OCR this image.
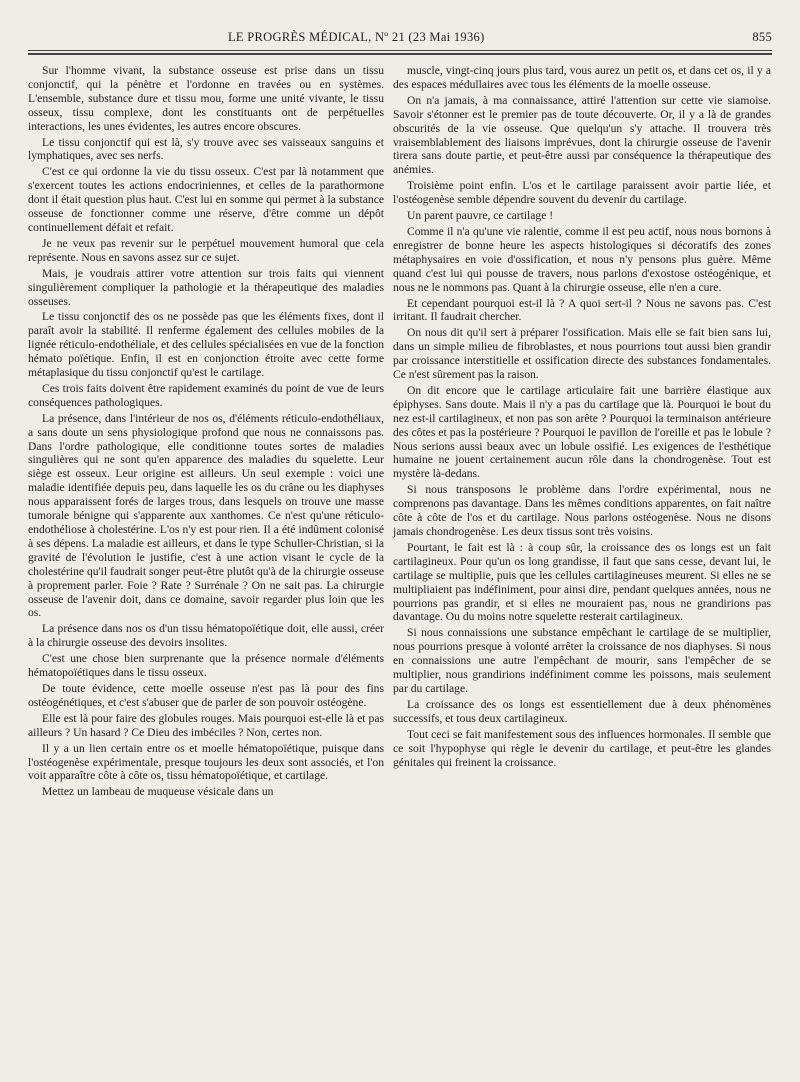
LE PROGRÈS MÉDICAL, Nº 21 (23 Mai 1936)	855

Sur l'homme vivant, la substance osseuse est prise dans un tissu conjonctif, qui la pénètre et l'ordonne en travées ou en systèmes. L'ensemble, substance dure et tissu mou, forme une unité vivante, le tissu osseux, tissu complexe, dont les constituants ont de perpétuelles interactions, les unes évidentes, les autres encore obscures.

Le tissu conjonctif qui est là, s'y trouve avec ses vaisseaux sanguins et lymphatiques, avec ses nerfs.

C'est ce qui ordonne la vie du tissu osseux. C'est par là notamment que s'exercent toutes les actions endocriniennes, et celles de la parathormone dont il était question plus haut. C'est lui en somme qui permet à la substance osseuse de fonctionner comme une réserve, d'être comme un dépôt continuellement défait et refait.

Je ne veux pas revenir sur le perpétuel mouvement humoral que cela représente. Nous en savons assez sur ce sujet.

Mais, je voudrais attirer votre attention sur trois faits qui viennent singulièrement compliquer la pathologie et la thérapeutique des maladies osseuses.

Le tissu conjonctif des os ne possède pas que les éléments fixes, dont il paraît avoir la stabilité. Il renferme également des cellules mobiles de la lignée réticulo-endothéliale, et des cellules spécialisées en vue de la fonction hémato poïétique. Enfin, il est en conjonction étroite avec cette forme métaplasique du tissu conjonctif qu'est le cartilage.

Ces trois faits doivent être rapidement examinés du point de vue de leurs conséquences pathologiques.

La présence, dans l'intérieur de nos os, d'éléments réticulo-endothéliaux, a sans doute un sens physiologique profond que nous ne connaissons pas. Dans l'ordre pathologique, elle conditionne toutes sortes de maladies singulières qui ne sont qu'en apparence des maladies du squelette. Leur siège est osseux. Leur origine est ailleurs. Un seul exemple : voici une maladie identifiée depuis peu, dans laquelle les os du crâne ou les diaphyses nous apparaissent forés de larges trous, dans lesquels on trouve une masse tumorale bénigne qui s'apparente aux xanthomes. Ce n'est qu'une réticulo-endothéliose à cholestérine. L'os n'y est pour rien. Il a été indûment colonisé à ses dépens. La maladie est ailleurs, et dans le type Schuller-Christian, si la gravité de l'évolution le justifie, c'est à une action visant le cycle de la cholestérine qu'il faudrait songer peut-être plutôt qu'à de la chirurgie osseuse à proprement parler. Foie ? Rate ? Surrénale ? On ne sait pas. La chirurgie osseuse de l'avenir doit, dans ce domaine, savoir regarder plus loin que les os.

La présence dans nos os d'un tissu hématopoïétique doit, elle aussi, créer à la chirurgie osseuse des devoirs insolites.

C'est une chose bien surprenante que la présence normale d'éléments hématopoïétiques dans le tissu osseux.

De toute évidence, cette moelle osseuse n'est pas là pour des fins ostéogénétiques, et c'est s'abuser que de parler de son pouvoir ostéogène.

Elle est là pour faire des globules rouges. Mais pourquoi est-elle là et pas ailleurs ? Un hasard ? Ce Dieu des imbéciles ? Non, certes non.

Il y a un lien certain entre os et moelle hématopoïétique, puisque dans l'ostéogenèse expérimentale, presque toujours les deux sont associés, et l'on voit apparaître côte à côte os, tissu hématopoïétique, et cartilage.

Mettez un lambeau de muqueuse vésicale dans un

muscle, vingt-cinq jours plus tard, vous aurez un petit os, et dans cet os, il y a des espaces médullaires avec tous les éléments de la moelle osseuse.

On n'a jamais, à ma connaissance, attiré l'attention sur cette vie siamoise. Savoir s'étonner est le premier pas de toute découverte. Or, il y a là de grandes obscurités de la vie osseuse. Que quelqu'un s'y attache. Il trouvera très vraisemblablement des liaisons imprévues, dont la chirurgie osseuse de l'avenir tirera sans doute partie, et peut-être aussi par conséquence la thérapeutique des anémies.

Troisième point enfin. L'os et le cartilage paraissent avoir partie liée, et l'ostéogenèse semble dépendre souvent du devenir du cartilage.

Un parent pauvre, ce cartilage !

Comme il n'a qu'une vie ralentie, comme il est peu actif, nous nous bornons à enregistrer de bonne heure les aspects histologiques si décoratifs des zones métaphysaires en voie d'ossification, et nous n'y pensons plus guère. Même quand c'est lui qui pousse de travers, nous parlons d'exostose ostéogénique, et nous ne le nommons pas. Quant à la chirurgie osseuse, elle n'en a cure.

Et cependant pourquoi est-il là ? A quoi sert-il ? Nous ne savons pas. C'est irritant. Il faudrait chercher.

On nous dit qu'il sert à préparer l'ossification. Mais elle se fait bien sans lui, dans un simple milieu de fibroblastes, et nous pourrions tout aussi bien grandir par croissance interstitielle et ossification directe des substances fondamentales. Ce n'est sûrement pas la raison.

On dit encore que le cartilage articulaire fait une barrière élastique aux épiphyses. Sans doute. Mais il n'y a pas du cartilage que là. Pourquoi le bout du nez est-il cartilagineux, et non pas son arête ? Pourquoi la terminaison antérieure des côtes et pas la postérieure ? Pourquoi le pavillon de l'oreille et pas le lobule ? Nous serions aussi beaux avec un lobule ossifié. Les exigences de l'esthétique humaine ne jouent certainement aucun rôle dans la chondrogenèse. Tout est mystère là-dedans.

Si nous transposons le problème dans l'ordre expérimental, nous ne comprenons pas davantage. Dans les mêmes conditions apparentes, on fait naître côte à côte de l'os et du cartilage. Nous parlons ostéogenèse. Nous ne disons jamais chondrogenèse. Les deux tissus sont très voisins.

Pourtant, le fait est là : à coup sûr, la croissance des os longs est un fait cartilagineux. Pour qu'un os long grandisse, il faut que sans cesse, devant lui, le cartilage se multiplie, puis que les cellules cartilagineuses meurent. Si elles ne se multipliaient pas indéfiniment, pour ainsi dire, pendant quelques années, nous ne pourrions pas grandir, et si elles ne mouraient pas, nous ne grandirions pas davantage. Ou du moins notre squelette resterait cartilagineux.

Si nous connaissions une substance empêchant le cartilage de se multiplier, nous pourrions presque à volonté arrêter la croissance de nos diaphyses. Si nous en connaissions une autre l'empêchant de mourir, sans l'empêcher de se multiplier, nous grandirions indéfiniment comme les poissons, mais seulement par du cartilage.

La croissance des os longs est essentiellement due à deux phénomènes successifs, et tous deux cartilagineux.

Tout ceci se fait manifestement sous des influences hormonales. Il semble que ce soit l'hypophyse qui règle le devenir du cartilage, et peut-être les glandes génitales qui freinent la croissance.
